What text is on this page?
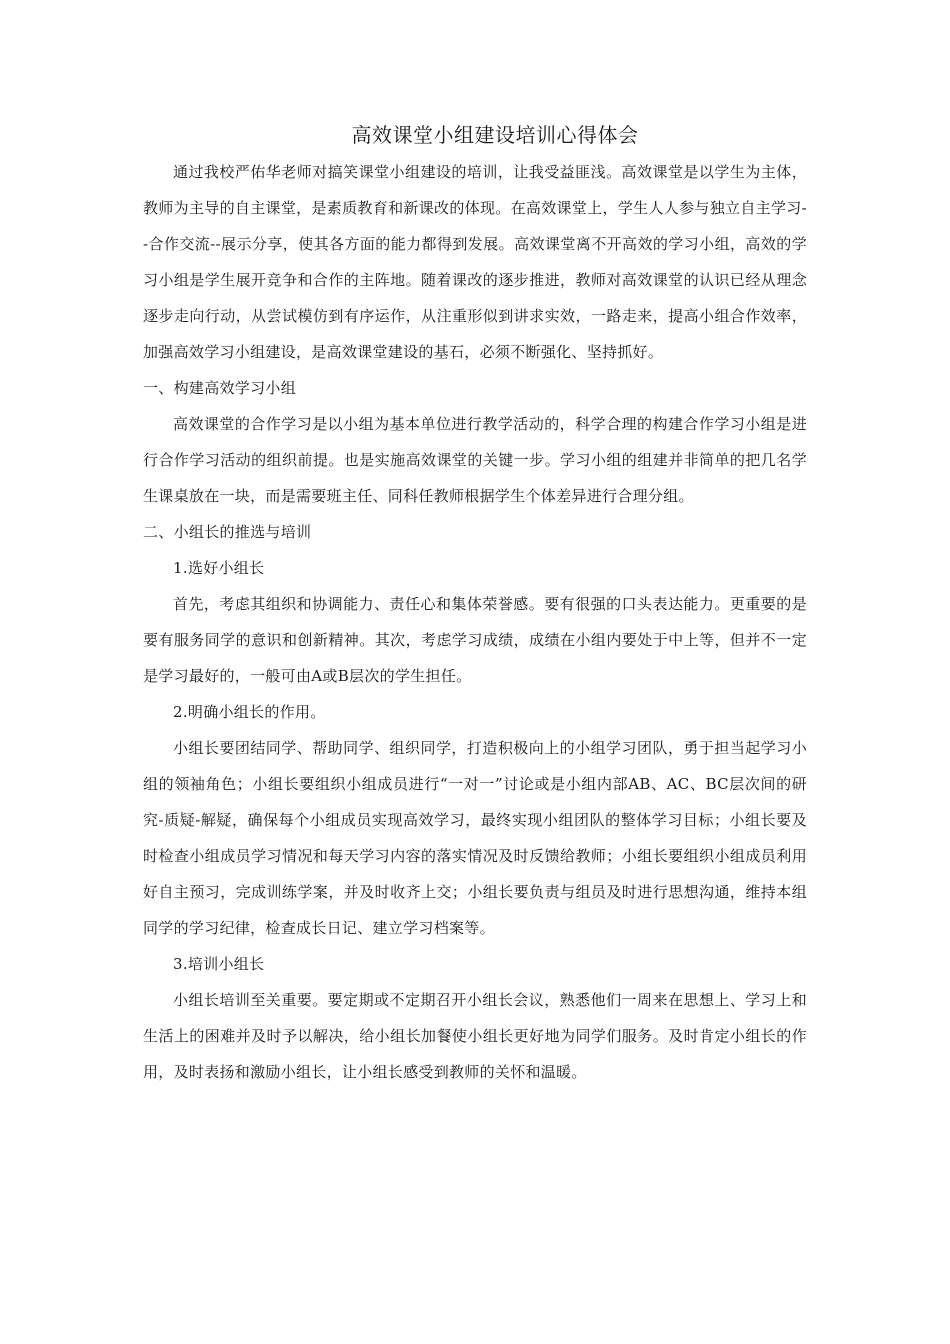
高效课堂小组建设培训心得体会

通过我校严佑华老师对搞笑课堂小组建设的培训，让我受益匪浅。高效课堂是以学生为主体，教师为主导的自主课堂，是素质教育和新课改的体现。在高效课堂上，学生人人参与独立自主学习--合作交流--展示分享，使其各方面的能力都得到发展。高效课堂离不开高效的学习小组，高效的学习小组是学生展开竞争和合作的主阵地。随着课改的逐步推进，教师对高效课堂的认识已经从理念逐步走向行动，从尝试模仿到有序运作，从注重形似到讲求实效，一路走来，提高小组合作效率，加强高效学习小组建设，是高效课堂建设的基石，必须不断强化、坚持抓好。

一、构建高效学习小组

高效课堂的合作学习是以小组为基本单位进行教学活动的，科学合理的构建合作学习小组是进行合作学习活动的组织前提。也是实施高效课堂的关键一步。学习小组的组建并非简单的把几名学生课桌放在一块，而是需要班主任、同科任教师根据学生个体差异进行合理分组。

二、小组长的推选与培训

1.选好小组长

首先，考虑其组织和协调能力、责任心和集体荣誉感。要有很强的口头表达能力。更重要的是要有服务同学的意识和创新精神。其次，考虑学习成绩，成绩在小组内要处于中上等，但并不一定是学习最好的，一般可由A或B层次的学生担任。

2.明确小组长的作用。

小组长要团结同学、帮助同学、组织同学，打造积极向上的小组学习团队，勇于担当起学习小组的领袖角色；小组长要组织小组成员进行“一对一”讨论或是小组内部AB、AC、BC层次间的研究-质疑-解疑，确保每个小组成员实现高效学习，最终实现小组团队的整体学习目标；小组长要及时检查小组成员学习情况和每天学习内容的落实情况及时反馈给教师；小组长要组织小组成员利用好自主预习，完成训练学案，并及时收齐上交；小组长要负责与组员及时进行思想沟通，维持本组同学的学习纪律，检查成长日记、建立学习档案等。

3.培训小组长

小组长培训至关重要。要定期或不定期召开小组长会议，熟悉他们一周来在思想上、学习上和生活上的困难并及时予以解决，给小组长加餐使小组长更好地为同学们服务。及时肯定小组长的作用，及时表扬和激励小组长，让小组长感受到教师的关怀和温暖。
